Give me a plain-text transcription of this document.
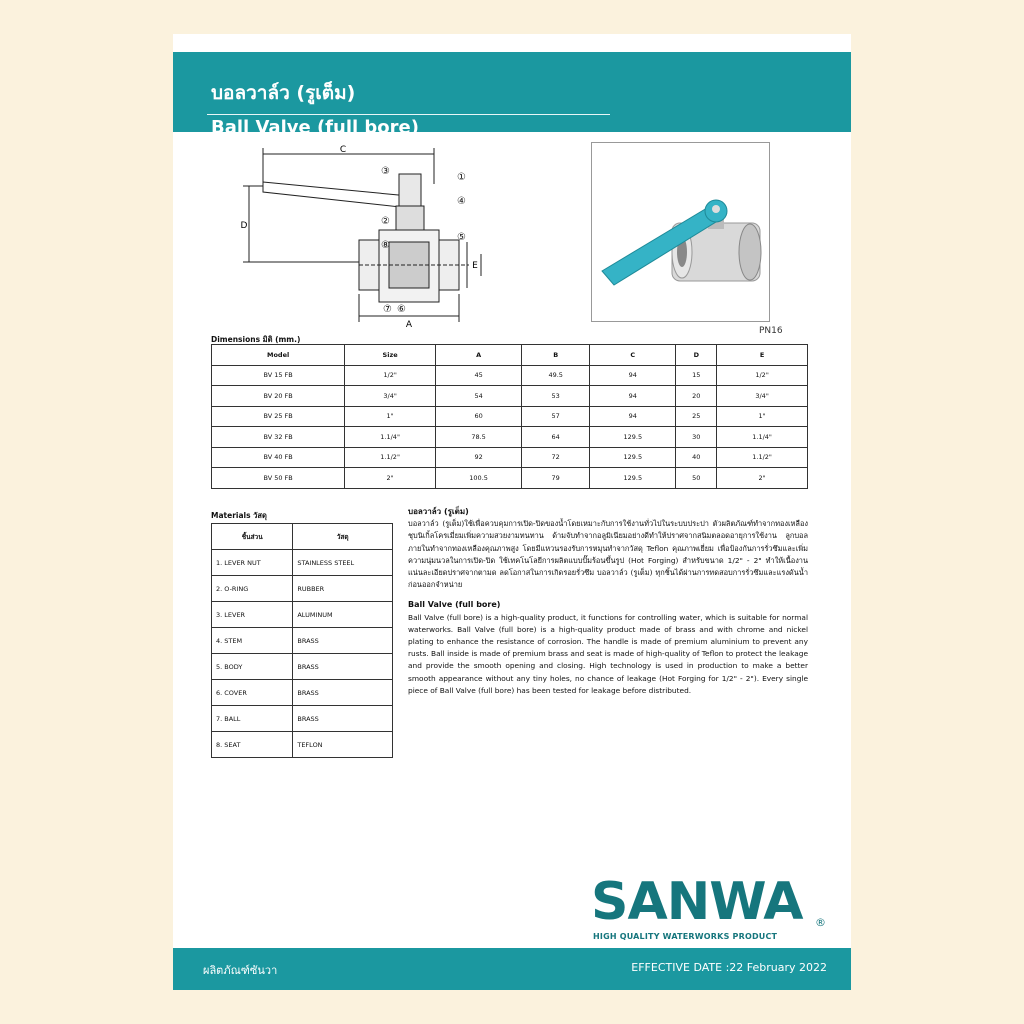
บอลวาล์ว (รูเต็ม)
Ball Valve (full bore)
C
D
E
A
①
④
③
②
⑧
⑤
⑦ ⑥
PN16
Dimensions มิติ (mm.)
Model	Size	A	B	C	D	E
BV 15 FB	1/2"	45	49.5	94	15	1/2"
BV 20 FB	3/4"	54	53	94	20	3/4"
BV 25 FB	1"	60	57	94	25	1"
BV 32 FB	1.1/4"	78.5	64	129.5	30	1.1/4"
BV 40 FB	1.1/2"	92	72	129.5	40	1.1/2"
BV 50 FB	2"	100.5	79	129.5	50	2"
Materials วัสดุ
ชิ้นส่วน	วัสดุ
1. LEVER NUT	STAINLESS STEEL
2. O-RING	RUBBER
3. LEVER	ALUMINUM
4. STEM	BRASS
5. BODY	BRASS
6. COVER	BRASS
7. BALL	BRASS
8. SEAT	TEFLON
บอลวาล์ว (รูเต็ม)

บอลวาล์ว (รูเต็ม)ใช้เพื่อควบคุมการเปิด-ปิดของน้ำโดยเหมาะกับการใช้งานทั่วไปในระบบประปา ตัวผลิตภัณฑ์ทำจากทองเหลือง ชุบนิเกิ้ลโครเมี่ยมเพิ่มความสวยงามทนทาน ด้ามจับทำจากอลูมิเนียมอย่างดีทำให้ปราศจากสนิมตลอดอายุการใช้งาน ลูกบอลภายในทำจากทองเหลืองคุณภาพสูง โดยมีแหวนรองรับการหมุนทำจากวัสดุ Teflon คุณภาพเยี่ยม เพื่อป้องกันการรั่วซึมและเพิ่มความนุ่มนวลในการเปิด-ปิด ใช้เทคโนโลยีการผลิตแบบปั๊มร้อนขึ้นรูป (Hot Forging) สำหรับขนาด 1/2" - 2" ทำให้เนื้องานแน่นละเอียดปราศจากตามด ลดโอกาสในการเกิดรอยรั่วซึม บอลวาล์ว (รูเต็ม) ทุกชิ้นได้ผ่านการทดสอบการรั่วซึมและแรงดันน้ำก่อนออกจำหน่าย

Ball Valve (full bore)

Ball Valve (full bore) is a high-quality product, it functions for controlling water, which is suitable for normal waterworks. Ball Valve (full bore) is a high-quality product made of brass and with chrome and nickel plating to enhance the resistance of corrosion. The handle is made of premium aluminium to prevent any rusts. Ball inside is made of premium brass and seat is made of high-quality of Teflon to protect the leakage and provide the smooth opening and closing. High technology is used in production to make a better smooth appearance without any tiny holes, no chance of leakage (Hot Forging for 1/2" - 2"). Every single piece of Ball Valve (full bore) has been tested for leakage before distributed.

SANWA ®
HIGH QUALITY WATERWORKS PRODUCT
ผลิตภัณฑ์ซันวา	EFFECTIVE DATE :22 February 2022
